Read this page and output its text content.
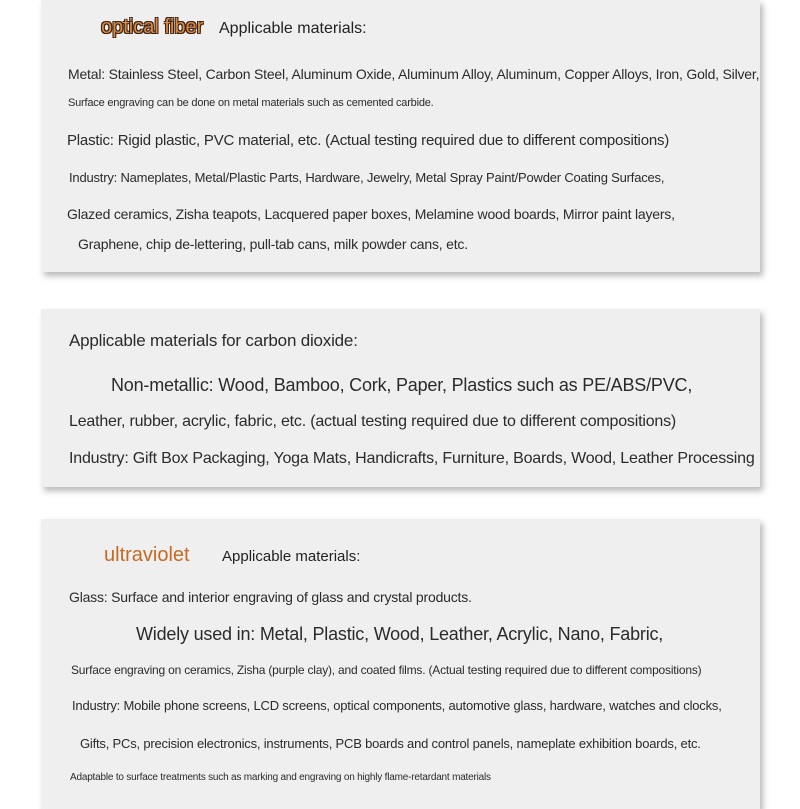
optical fiber Applicable materials:
Metal: Stainless Steel, Carbon Steel, Aluminum Oxide, Aluminum Alloy, Aluminum, Copper Alloys, Iron, Gold, Silver,
Surface engraving can be done on metal materials such as cemented carbide.
Plastic: Rigid plastic, PVC material, etc. (Actual testing required due to different compositions)
Industry: Nameplates, Metal/Plastic Parts, Hardware, Jewelry, Metal Spray Paint/Powder Coating Surfaces,
Glazed ceramics, Zisha teapots, Lacquered paper boxes, Melamine wood boards, Mirror paint layers,
Graphene, chip de-lettering, pull-tab cans, milk powder cans, etc.
Applicable materials for carbon dioxide:
Non-metallic: Wood, Bamboo, Cork, Paper, Plastics such as PE/ABS/PVC,
Leather, rubber, acrylic, fabric, etc. (actual testing required due to different compositions)
Industry: Gift Box Packaging, Yoga Mats, Handicrafts, Furniture, Boards, Wood, Leather Processing
ultraviolet Applicable materials:
Glass: Surface and interior engraving of glass and crystal products.
Widely used in: Metal, Plastic, Wood, Leather, Acrylic, Nano, Fabric,
Surface engraving on ceramics, Zisha (purple clay), and coated films. (Actual testing required due to different compositions)
Industry: Mobile phone screens, LCD screens, optical components, automotive glass, hardware, watches and clocks,
Gifts, PCs, precision electronics, instruments, PCB boards and control panels, nameplate exhibition boards, etc.
Adaptable to surface treatments such as marking and engraving on highly flame-retardant materials
